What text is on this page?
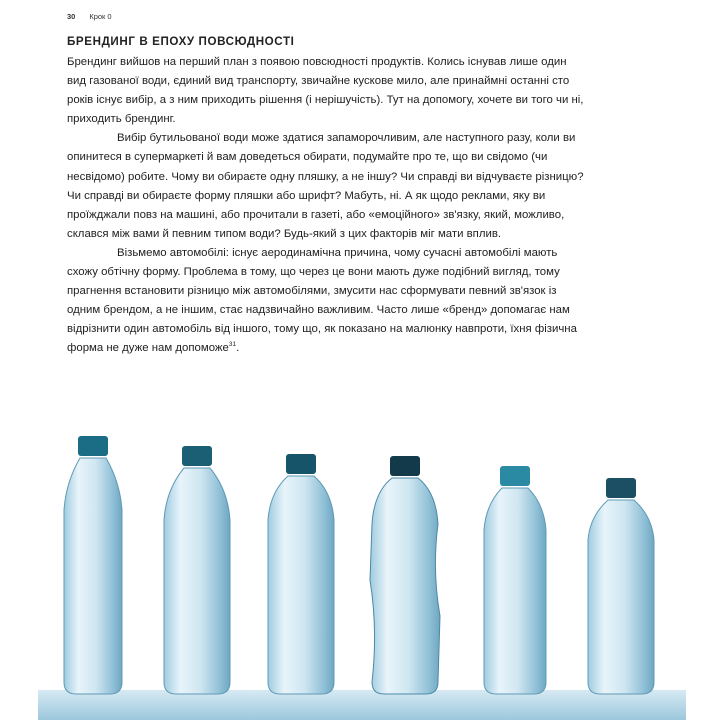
30 Крок 0
БРЕНДИНГ В ЕПОХУ ПОВСЮДНОСТІ

Брендинг вийшов на перший план з появою повсюдності продуктів. Колись існував лише один вид газованої води, єдиний вид транспорту, звичайне кускове мило, але принаймні останні сто років існує вибір, а з ним приходить рішення (і нерішучість). Тут на допомогу, хочете ви того чи ні, приходить брендинг.

Вибір бутильованої води може здатися запаморочливим, але наступного разу, коли ви опинитеся в супермаркеті й вам доведеться обирати, подумайте про те, що ви свідомо (чи несвідомо) робите. Чому ви обираєте одну пляшку, а не іншу? Чи справді ви відчуваєте різницю? Чи справді ви обираєте форму пляшки або шрифт? Мабуть, ні. А як щодо реклами, яку ви проїжджали повз на машині, або прочитали в газеті, або «емоційного» зв'язку, який, можливо, склався між вами й певним типом води? Будь-який з цих факторів міг мати вплив.

Візьмемо автомобілі: існує аеродинамічна причина, чому сучасні автомобілі мають схожу обтічну форму. Проблема в тому, що через це вони мають дуже подібний вигляд, тому прагнення встановити різницю між автомобілями, змусити нас сформувати певний зв'язок із одним брендом, а не іншим, стає надзвичайно важливим. Часто лише «бренд» допомагає нам відрізнити один автомобіль від іншого, тому що, як показано на малюнку навпроти, їхня фізична форма не дуже нам допоможе$^{31}$.
